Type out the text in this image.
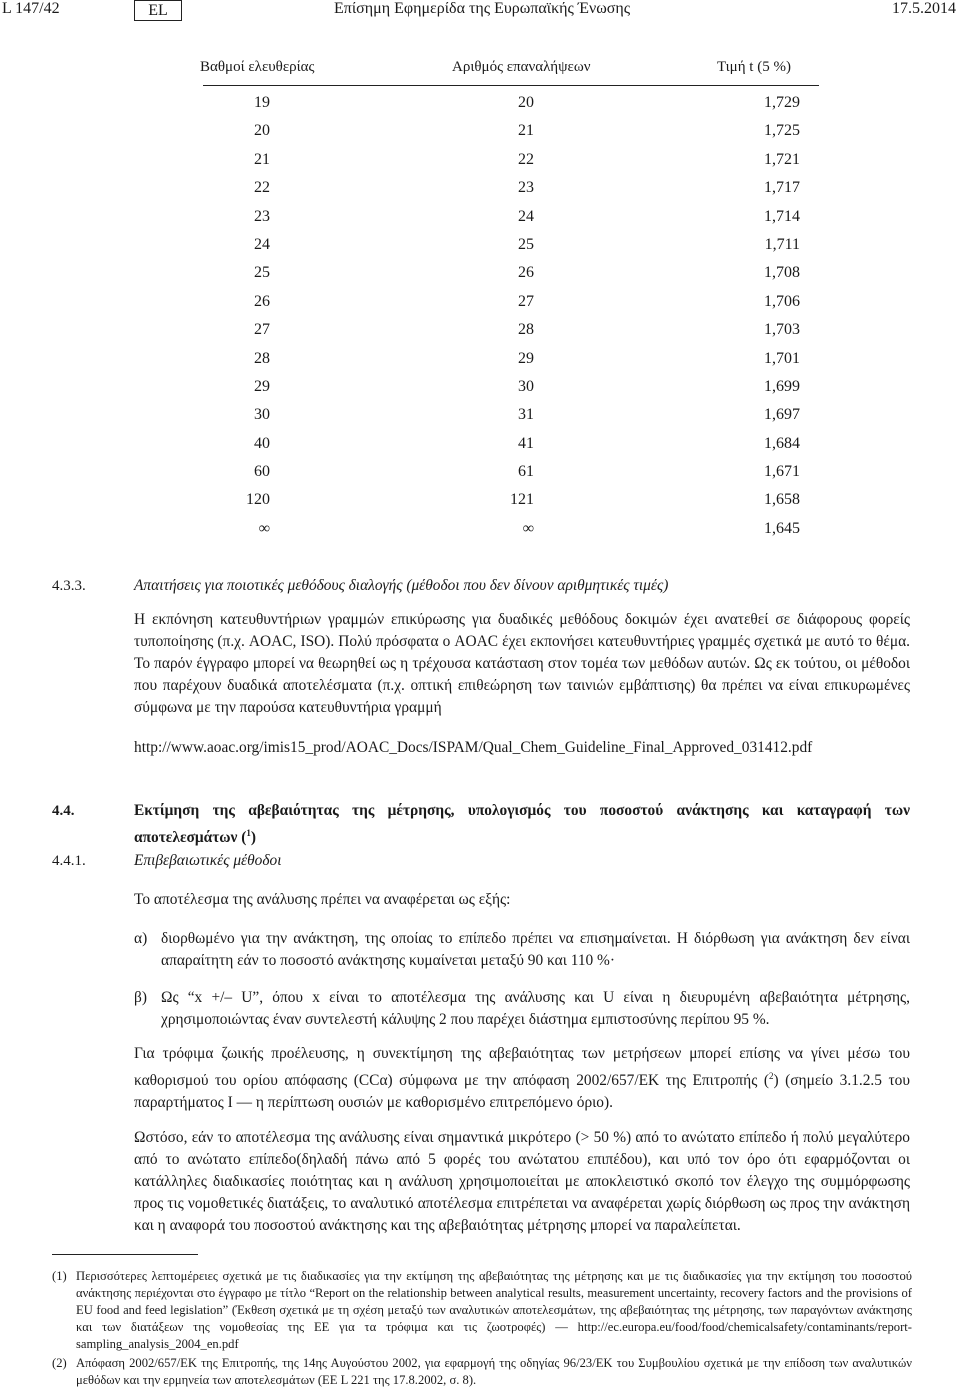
L 147/42	EL	Επίσημη Εφημερίδα της Ευρωπαϊκής Ένωσης	17.5.2014
Βαθμοί ελευθερίας	Αριθμός επαναλήψεων	Τιμή t (5 %)
19	20	1,729
20	21	1,725
21	22	1,721
22	23	1,717
23	24	1,714
24	25	1,711
25	26	1,708
26	27	1,706
27	28	1,703
28	29	1,701
29	30	1,699
30	31	1,697
40	41	1,684
60	61	1,671
120	121	1,658
∞	∞	1,645
4.3.3.	Απαιτήσεις για ποιοτικές μεθόδους διαλογής (μέθοδοι που δεν δίνουν αριθμητικές τιμές)
Η εκπόνηση κατευθυντήριων γραμμών επικύρωσης για δυαδικές μεθόδους δοκιμών έχει ανατεθεί σε διάφορους φορείς τυποποίησης (π.χ. AOAC, ISO). Πολύ πρόσφατα ο AOAC έχει εκπονήσει κατευθυντήριες γραμμές σχετικά με αυτό το θέμα. Το παρόν έγγραφο μπορεί να θεωρηθεί ως η τρέχουσα κατάσταση στον τομέα των μεθόδων αυτών. Ως εκ τούτου, οι μέθοδοι που παρέχουν δυαδικά αποτελέσματα (π.χ. οπτική επιθεώρηση των ταινιών εμβάπτισης) θα πρέπει να είναι επικυρωμένες σύμφωνα με την παρούσα κατευθυντήρια γραμμή
http://www.aoac.org/imis15_prod/AOAC_Docs/ISPAM/Qual_Chem_Guideline_Final_Approved_031412.pdf
4.4.	Εκτίμηση της αβεβαιότητας της μέτρησης, υπολογισμός του ποσοστού ανάκτησης και καταγραφή των αποτελεσμάτων ($^1$)
4.4.1.	Επιβεβαιωτικές μέθοδοι
Το αποτέλεσμα της ανάλυσης πρέπει να αναφέρεται ως εξής:
α) διορθωμένο για την ανάκτηση, της οποίας το επίπεδο πρέπει να επισημαίνεται. Η διόρθωση για ανάκτηση δεν είναι απαραίτητη εάν το ποσοστό ανάκτησης κυμαίνεται μεταξύ 90 και 110 %·
β) Ως “x +/– U”, όπου x είναι το αποτέλεσμα της ανάλυσης και U είναι η διευρυμένη αβεβαιότητα μέτρησης, χρησιμοποιώντας έναν συντελεστή κάλυψης 2 που παρέχει διάστημα εμπιστοσύνης περίπου 95 %.
Για τρόφιμα ζωικής προέλευσης, η συνεκτίμηση της αβεβαιότητας των μετρήσεων μπορεί επίσης να γίνει μέσω του καθορισμού του ορίου απόφασης (CCα) σύμφωνα με την απόφαση 2002/657/ΕΚ της Επιτροπής ($^2$) (σημείο 3.1.2.5 του παραρτήματος I — η περίπτωση ουσιών με καθορισμένο επιτρεπόμενο όριο).
Ωστόσο, εάν το αποτέλεσμα της ανάλυσης είναι σημαντικά μικρότερο (> 50 %) από το ανώτατο επίπεδο ή πολύ μεγαλύτερο από το ανώτατο επίπεδο(δηλαδή πάνω από 5 φορές του ανώτατου επιπέδου), και υπό τον όρο ότι εφαρμόζονται οι κατάλληλες διαδικασίες ποιότητας και η ανάλυση χρησιμοποιείται με αποκλειστικό σκοπό τον έλεγχο της συμμόρφωσης προς τις νομοθετικές διατάξεις, το αναλυτικό αποτέλεσμα επιτρέπεται να αναφέρεται χωρίς διόρθωση ως προς την ανάκτηση και η αναφορά του ποσοστού ανάκτησης και της αβεβαιότητας μέτρησης μπορεί να παραλείπεται.
(1) Περισσότερες λεπτομέρειες σχετικά με τις διαδικασίες για την εκτίμηση της αβεβαιότητας της μέτρησης και με τις διαδικασίες για την εκτίμηση του ποσοστού ανάκτησης περιέχονται στο έγγραφο με τίτλο “Report on the relationship between analytical results, measurement uncertainty, recovery factors and the provisions of EU food and feed legislation” (Έκθεση σχετικά με τη σχέση μεταξύ των αναλυτικών αποτελεσμάτων, της αβεβαιότητας της μέτρησης, των παραγόντων ανάκτησης και των διατάξεων της νομοθεσίας της ΕΕ για τα τρόφιμα και τις ζωοτροφές) — http://ec.europa.eu/food/food/chemicalsafety/contaminants/report-sampling_analysis_2004_en.pdf
(2) Απόφαση 2002/657/ΕΚ της Επιτροπής, της 14ης Αυγούστου 2002, για εφαρμογή της οδηγίας 96/23/ΕΚ του Συμβουλίου σχετικά με την επίδοση των αναλυτικών μεθόδων και την ερμηνεία των αποτελεσμάτων (ΕΕ L 221 της 17.8.2002, σ. 8).
